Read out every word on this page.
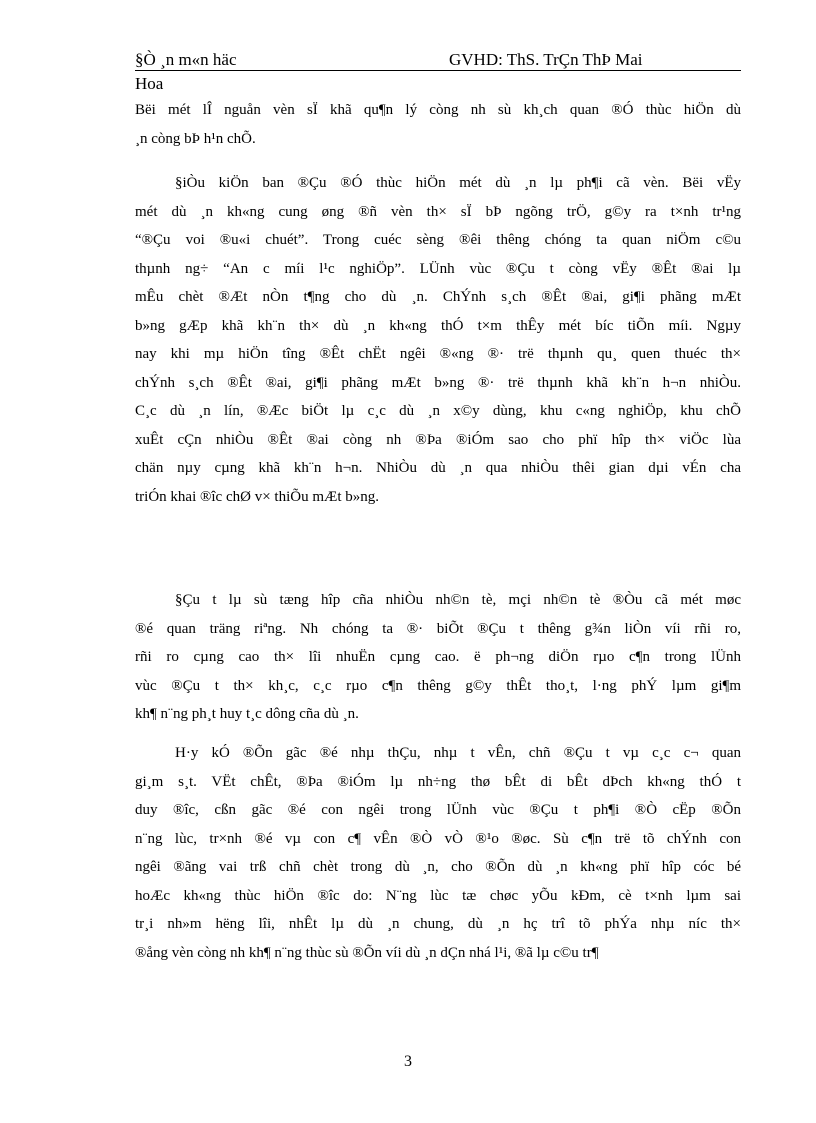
§Ò ¸n m«n häc	GVHD: ThS. TrÇn ThÞ Mai
Hoa
Bëi mét lÎ nguån vèn sÏ khã qu¶n lý còng nh sù kh¸ch quan ®Ó thùc hiÖn dù
¸n còng bÞ h¹n chÕ.
§iÒu kiÖn ban ®Çu ®Ó thùc hiÖn mét dù ¸n lµ ph¶i cã vèn. Bëi vËy
mét dù ¸n kh«ng cung øng ®ñ vèn th× sÏ bÞ ngõng trÖ, g©y ra t×nh tr¹ng
“®Çu voi ®u«i chuét”. Trong cuéc sèng ®êi thêng chóng ta quan niÖm c©u
thµnh ng÷ “An c míi l¹c nghiÖp”. LÜnh vùc ®Çu t còng vËy ®Êt ®ai lµ
mÊu chèt ®Æt nÒn t¶ng cho dù ¸n. ChÝnh s¸ch ®Êt ®ai, gi¶i phãng mÆt
b»ng gÆp khã kh¨n th× dù ¸n kh«ng thÓ t×m thÊy mét bíc tiÕn míi. Ngµy
nay khi mµ hiÖn tîng ®Êt chËt ngêi ®«ng ®· trë thµnh qu¸ quen thuéc th×
chÝnh s¸ch ®Êt ®ai, gi¶i phãng mÆt b»ng ®· trë thµnh khã kh¨n h¬n nhiÒu.
C¸c dù ¸n lín, ®Æc biÖt lµ c¸c dù ¸n x©y dùng, khu c«ng nghiÖp, khu chÕ
xuÊt cÇn nhiÒu ®Êt ®ai còng nh ®Þa ®iÓm sao cho phï hîp th× viÖc lùa
chän nµy cµng khã kh¨n h¬n. NhiÒu dù ¸n qua nhiÒu thêi gian dµi vÉn cha
triÓn khai ®îc chØ v× thiÕu mÆt b»ng.
§Çu t lµ sù tæng hîp cña nhiÒu nh©n tè, mçi nh©n tè ®Òu cã mét møc
®é quan träng riªng. Nh chóng ta ®· biÕt ®Çu t thêng g¾n liÒn víi rñi ro,
rñi ro cµng cao th× lîi nhuËn cµng cao. ë ph¬ng diÖn rµo c¶n trong lÜnh
vùc ®Çu t th× kh¸c, c¸c rµo c¶n thêng g©y thÊt tho¸t, l·ng phÝ lµm gi¶m
kh¶ n¨ng ph¸t huy t¸c dông cña dù ¸n.
H·y kÓ ®Õn gãc ®é nhµ thÇu, nhµ t vÊn, chñ ®Çu t vµ c¸c c¬ quan
gi¸m s¸t. VËt chÊt, ®Þa ®iÓm lµ nh÷ng thø bÊt di bÊt dÞch kh«ng thÓ t
duy ®îc, cßn gãc ®é con ngêi trong lÜnh vùc ®Çu t ph¶i ®Ò cËp ®Õn
n¨ng lùc, tr×nh ®é vµ con c¶ vÊn ®Ò vÒ ®¹o ®øc. Sù c¶n trë tõ chÝnh con
ngêi ®ãng vai trß chñ chèt trong dù ¸n, cho ®Õn dù ¸n kh«ng phï hîp cóc bé
hoÆc kh«ng thùc hiÖn ®îc do: N¨ng lùc tæ chøc yÕu kÐm, cè t×nh lµm sai
tr¸i nh»m hëng lîi, nhÊt lµ dù ¸n chung, dù ¸n hç trî tõ phÝa nhµ níc th×
®ång vèn còng nh kh¶ n¨ng thùc sù ®Õn víi dù ¸n dÇn nhá l¹i, ®ã lµ c©u tr¶
3
